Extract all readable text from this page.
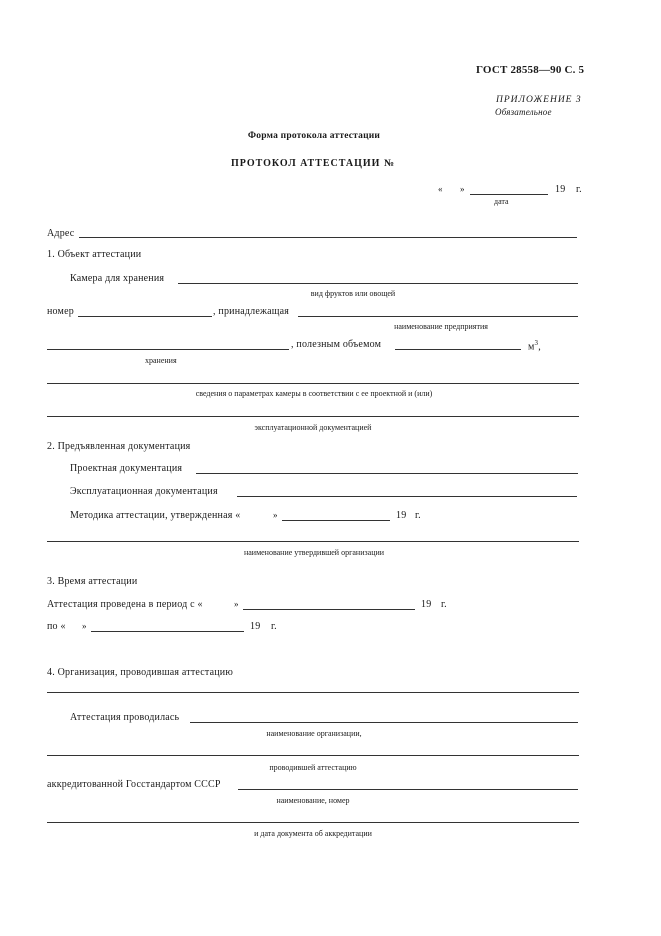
ГОСТ 28558—90 С. 5
ПРИЛОЖЕНИЕ 3
Обязательное
Форма протокола аттестации
ПРОТОКОЛ АТТЕСТАЦИИ №
« »	19 г.
дата
Адрес
1. Объект аттестации
Камера для хранения
вид фруктов или овощей
номер	, принадлежащая
наименование предприятия
, полезным объемом	$м^3$,
хранения
сведения о параметрах камеры в соответствии с ее проектной и (или)
эксплуатационной документацией
2. Предъявленная документация
Проектная документация
Эксплуатационная документация
Методика аттестации, утвержденная «	»	19 г.
наименование утвердившей организации
3. Время аттестации
Аттестация проведена в период с «	»	19 г.
по « »	19 г.
4. Организация, проводившая аттестацию
Аттестация проводилась
наименование организации,
проводившей аттестацию
аккредитованной Госстандартом СССР
наименование, номер
и дата документа об аккредитации
